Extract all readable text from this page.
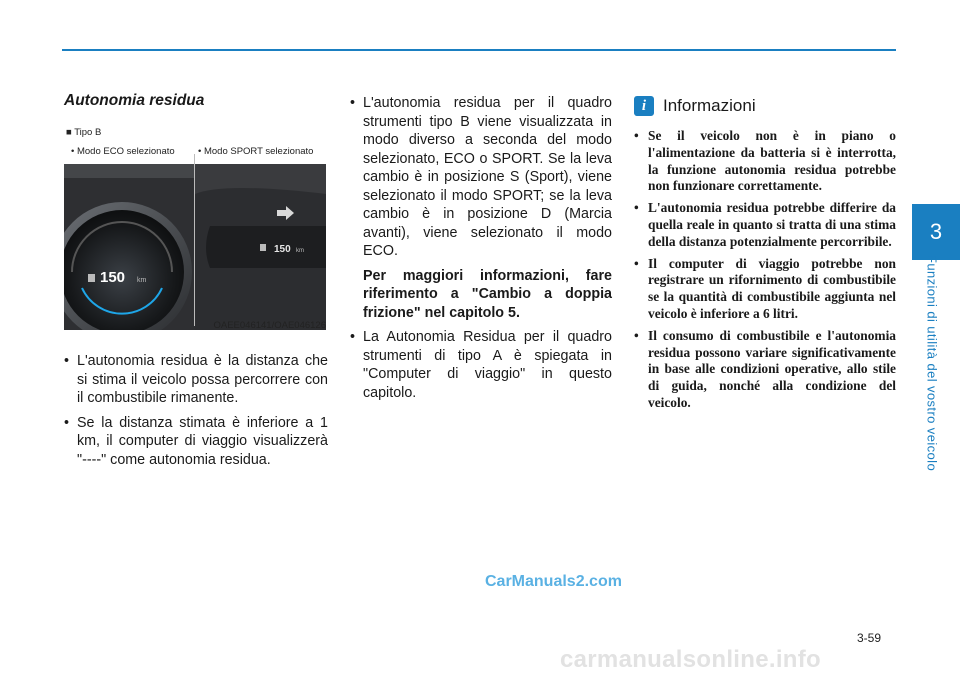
3
Funzioni di utilità del vostro veicolo
Autonomia residua
■ Tipo B
• Modo ECO selezionato • Modo SPORT selezionato
150 km
150 km
OAEE046141/OAE046126
• L'autonomia residua è la distanza che si stima il veicolo possa percorrere con il combustibile rimanente.
• Se la distanza stimata è inferiore a 1 km, il computer di viaggio visualizzerà "----" come autonomia residua.
• L'autonomia residua per il quadro strumenti tipo B viene visualizzata in modo diverso a seconda del modo selezionato, ECO o SPORT. Se la leva cambio è in posizione S (Sport), viene selezionato il modo SPORT; se la leva cambio è in posizione D (Marcia avanti), viene selezionato il modo ECO.
Per maggiori informazioni, fare riferimento a "Cambio a doppia frizione" nel capitolo 5.
• La Autonomia Residua per il quadro strumenti di tipo A è spiegata in "Computer di viaggio" in questo capitolo.
i Informazioni
• Se il veicolo non è in piano o l'alimentazione da batteria si è interrotta, la funzione autonomia residua potrebbe non funzionare correttamente.
• L'autonomia residua potrebbe differire da quella reale in quanto si tratta di una stima della distanza potenzialmente percorribile.
• Il computer di viaggio potrebbe non registrare un rifornimento di combustibile se la quantità di combustibile aggiunta nel veicolo è inferiore a 6 litri.
• Il consumo di combustibile e l'autonomia residua possono variare significativamente in base alle condizioni operative, allo stile di guida, nonché alla condizione del veicolo.
CarManuals2.com
3-59
carmanualsonline.info
